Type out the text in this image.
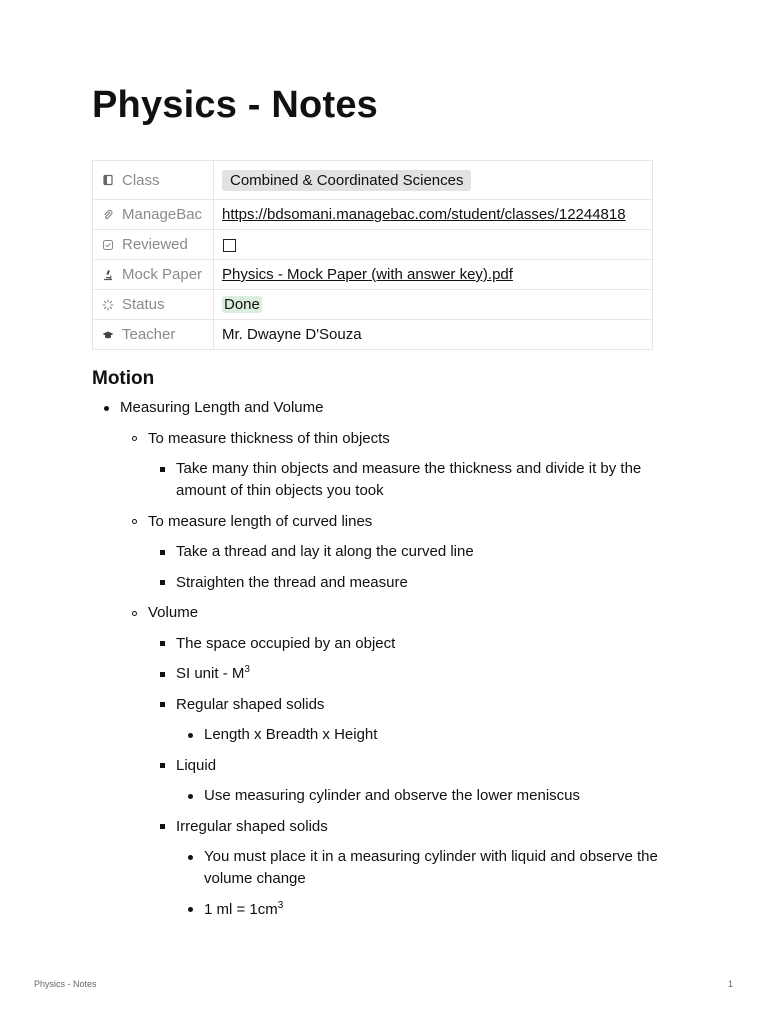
Physics - Notes
Class	Combined & Coordinated Sciences

ManageBac	https://bdsomani.managebac.com/student/classes/12244818

Reviewed	

Mock Paper	Physics - Mock Paper (with answer key).pdf

Status	Done

Teacher	Mr. Dwayne D'Souza
Motion
Measuring Length and Volume
To measure thickness of thin objects
Take many thin objects and measure the thickness and divide it by the amount of thin objects you took
To measure length of curved lines
Take a thread and lay it along the curved line
Straighten the thread and measure
Volume
The space occupied by an object
SI unit - $M^3$
Regular shaped solids
Length x Breadth x Height
Liquid
Use measuring cylinder and observe the lower meniscus
Irregular shaped solids
You must place it in a measuring cylinder with liquid and observe the volume change
1 ml = $1cm^3$
Physics - Notes	1
